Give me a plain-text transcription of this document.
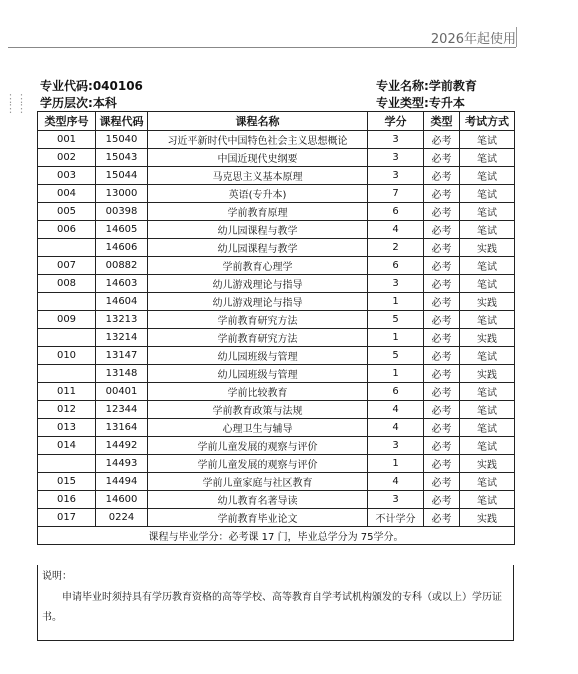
2026年起使用
⋮⋮
⋮⋮
专业代码:040106	专业名称:学前教育
学历层次:本科	专业类型:专升本
类型序号	课程代码	课程名称	学分	类型	考试方式
001	15040	习近平新时代中国特色社会主义思想概论	3	必考	笔试
002	15043	中国近现代史纲要	3	必考	笔试
003	15044	马克思主义基本原理	3	必考	笔试
004	13000	英语(专升本)	7	必考	笔试
005	00398	学前教育原理	6	必考	笔试
006	14605	幼儿园课程与教学	4	必考	笔试
	14606	幼儿园课程与教学	2	必考	实践
007	00882	学前教育心理学	6	必考	笔试
008	14603	幼儿游戏理论与指导	3	必考	笔试
	14604	幼儿游戏理论与指导	1	必考	实践
009	13213	学前教育研究方法	5	必考	笔试
	13214	学前教育研究方法	1	必考	实践
010	13147	幼儿园班级与管理	5	必考	笔试
	13148	幼儿园班级与管理	1	必考	实践
011	00401	学前比较教育	6	必考	笔试
012	12344	学前教育政策与法规	4	必考	笔试
013	13164	心理卫生与辅导	4	必考	笔试
014	14492	学前儿童发展的观察与评价	3	必考	笔试
	14493	学前儿童发展的观察与评价	1	必考	实践
015	14494	学前儿童家庭与社区教育	4	必考	笔试
016	14600	幼儿教育名著导读	3	必考	笔试
017	0224	学前教育毕业论文	不计学分	必考	实践
课程与毕业学分：必考课 17 门，毕业总学分为 75学分。					
说明：
申请毕业时须持具有学历教育资格的高等学校、高等教育自学考试机构颁发的专科（或以上）学历证书。
